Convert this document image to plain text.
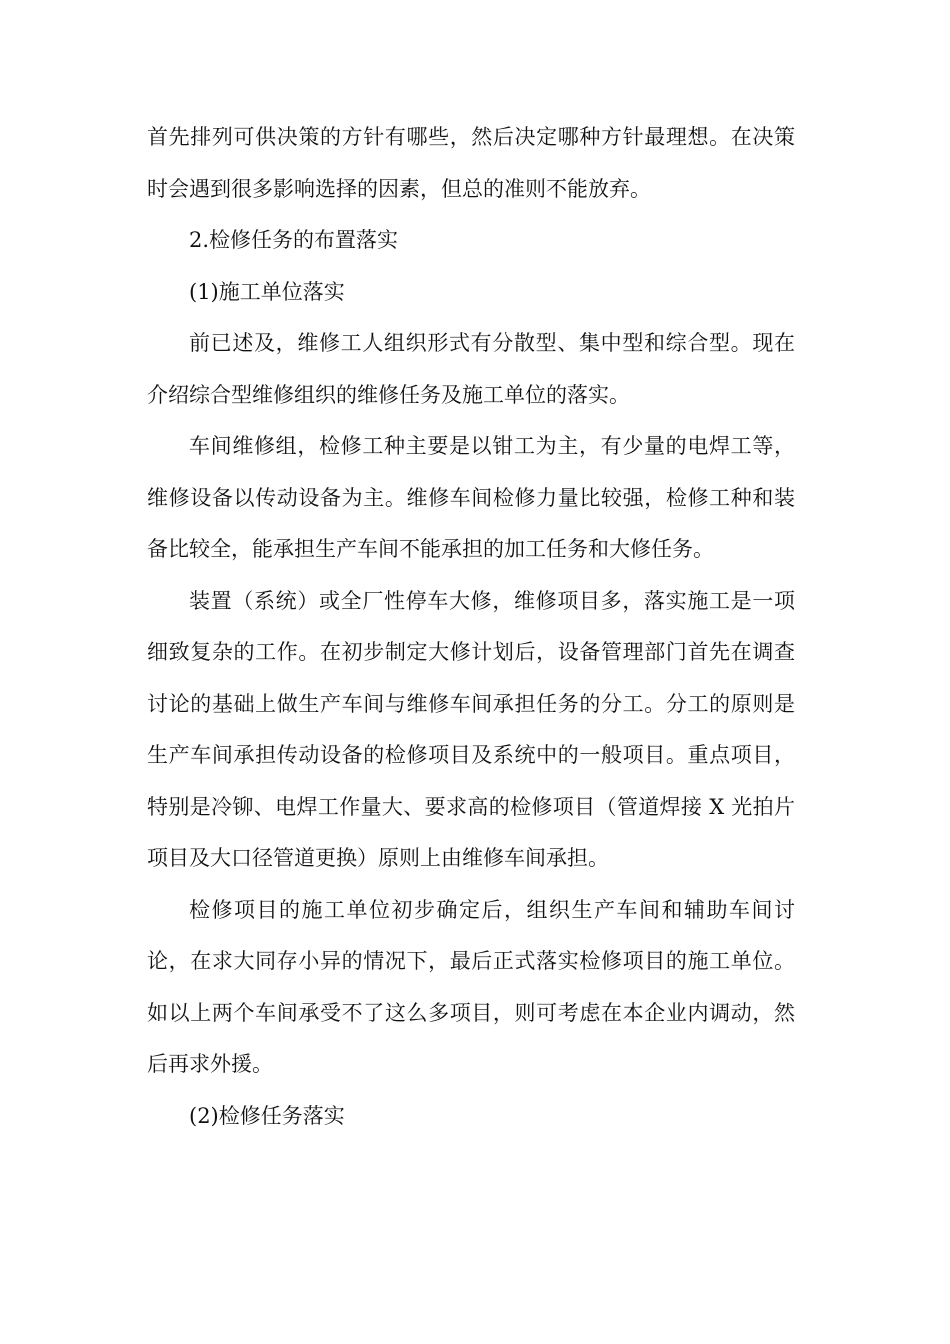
首先排列可供决策的方针有哪些，然后决定哪种方针最理想。在决策时会遇到很多影响选择的因素，但总的准则不能放弃。

2.检修任务的布置落实

(1)施工单位落实

前已述及，维修工人组织形式有分散型、集中型和综合型。现在介绍综合型维修组织的维修任务及施工单位的落实。

车间维修组，检修工种主要是以钳工为主，有少量的电焊工等，维修设备以传动设备为主。维修车间检修力量比较强，检修工种和装备比较全，能承担生产车间不能承担的加工任务和大修任务。

装置（系统）或全厂性停车大修，维修项目多，落实施工是一项细致复杂的工作。在初步制定大修计划后，设备管理部门首先在调查讨论的基础上做生产车间与维修车间承担任务的分工。分工的原则是生产车间承担传动设备的检修项目及系统中的一般项目。重点项目，特别是冷铆、电焊工作量大、要求高的检修项目（管道焊接 X 光拍片项目及大口径管道更换）原则上由维修车间承担。

检修项目的施工单位初步确定后，组织生产车间和辅助车间讨论，在求大同存小异的情况下，最后正式落实检修项目的施工单位。如以上两个车间承受不了这么多项目，则可考虑在本企业内调动，然后再求外援。

(2)检修任务落实
